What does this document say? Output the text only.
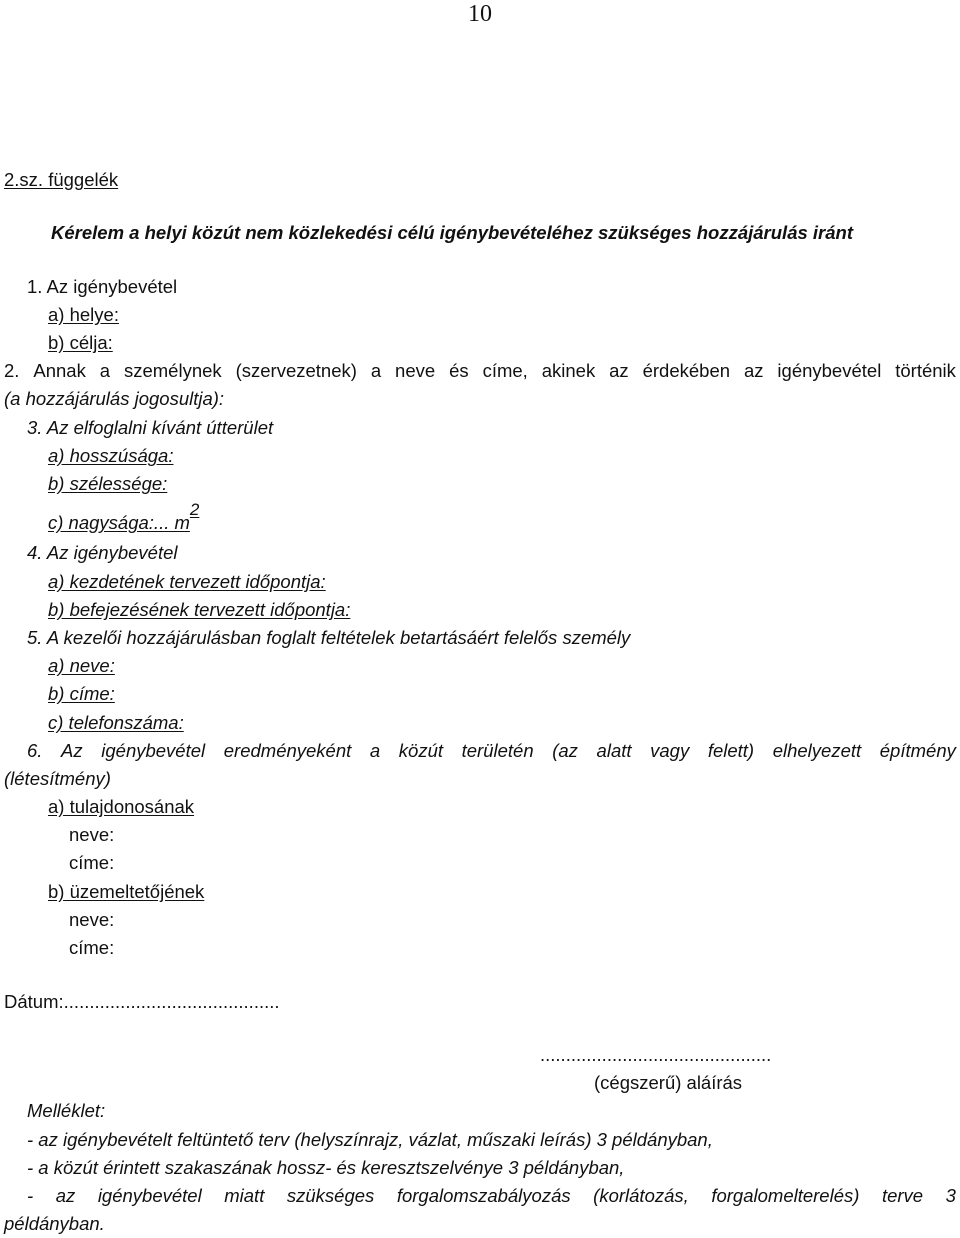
10
2.sz. függelék
Kérelem a helyi közút nem közlekedési célú igénybevételéhez szükséges hozzájárulás iránt
1. Az igénybevétel
a) helye:
b) célja:
2. Annak a személynek (szervezetnek) a neve és címe, akinek az érdekében az igénybevétel történik
(a hozzájárulás jogosultja):
3. Az elfoglalni kívánt útterület
a) hosszúsága:
b) szélessége:
c) nagysága:... m2
4. Az igénybevétel
a) kezdetének tervezett időpontja:
b) befejezésének tervezett időpontja:
5. A kezelői hozzájárulásban foglalt feltételek betartásáért felelős személy
a) neve:
b) címe:
c) telefonszáma:
6. Az igénybevétel eredményeként a közút területén (az alatt vagy felett) elhelyezett építmény
(létesítmény)
a) tulajdonosának
neve:
címe:
b) üzemeltetőjének
neve:
címe:
Dátum:..........................................
.............................................
(cégszerű) aláírás
Melléklet:
- az igénybevételt feltüntető terv (helyszínrajz, vázlat, műszaki leírás) 3 példányban,
- a közút érintett szakaszának hossz- és keresztszelvénye 3 példányban,
- az igénybevétel miatt szükséges forgalomszabályozás (korlátozás, forgalomelterelés) terve 3
példányban.
